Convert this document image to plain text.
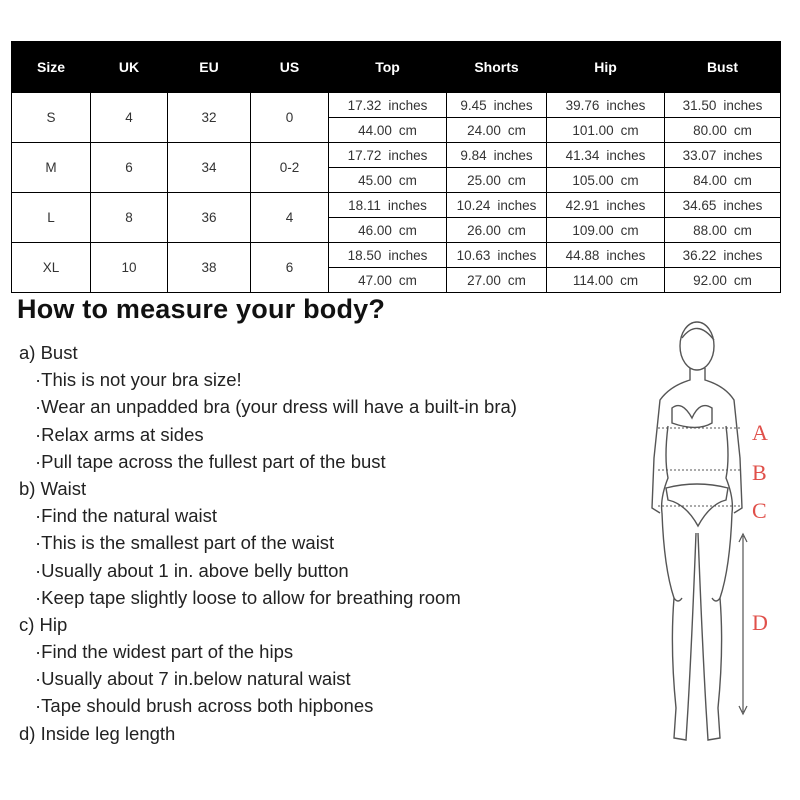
Size	UK	EU	US	Top	Shorts	Hip	Bust
S	4	32	0	17.32 inches	9.45 inches	39.76 inches	31.50 inches

				44.00 cm	24.00 cm	101.00 cm	80.00 cm

M	6	34	0-2	17.72 inches	9.84 inches	41.34 inches	33.07 inches

				45.00 cm	25.00 cm	105.00 cm	84.00 cm

L	8	36	4	18.11 inches	10.24 inches	42.91 inches	34.65 inches

				46.00 cm	26.00 cm	109.00 cm	88.00 cm

XL	10	38	6	18.50 inches	10.63 inches	44.88 inches	36.22 inches

				47.00 cm	27.00 cm	114.00 cm	92.00 cm
How to measure your body?
a) Bust
·This is not your bra size!
·Wear an unpadded bra (your dress will have a built-in bra)
·Relax arms at sides
·Pull tape across the fullest part of the bust
b) Waist
·Find the natural waist
·This is the smallest part of the waist
·Usually about 1 in. above belly button
·Keep tape slightly loose to allow for breathing room
c) Hip
·Find the widest part of the hips
·Usually about 7 in.below natural waist
·Tape should brush across both hipbones
d) Inside leg length
A
B
C
D
